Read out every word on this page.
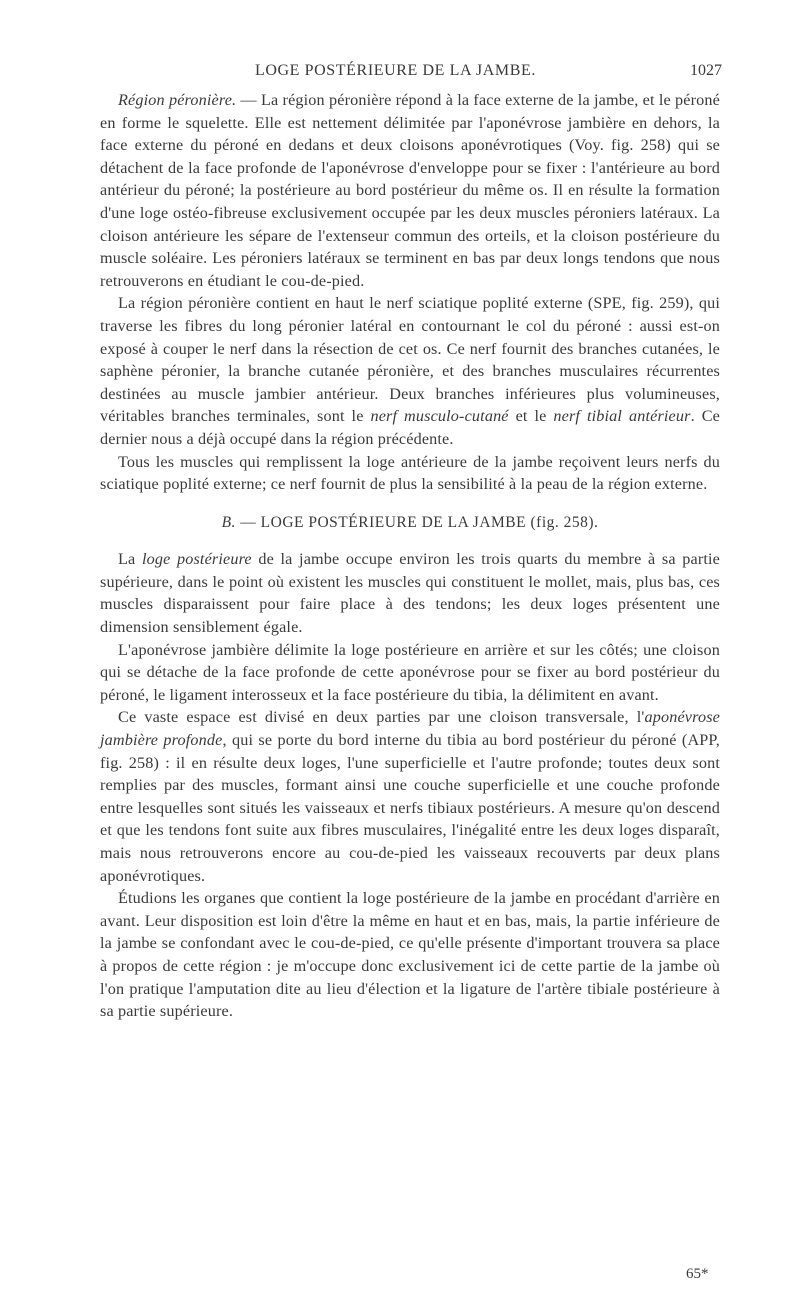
LOGE POSTÉRIEURE DE LA JAMBE.	1027

Région péronière. — La région péronière répond à la face externe de la jambe, et le péroné en forme le squelette. Elle est nettement délimitée par l'aponévrose jambière en dehors, la face externe du péroné en dedans et deux cloisons aponévrotiques (Voy. fig. 258) qui se détachent de la face profonde de l'aponévrose d'enveloppe pour se fixer : l'antérieure au bord antérieur du péroné; la postérieure au bord postérieur du même os. Il en résulte la formation d'une loge ostéo-fibreuse exclusivement occupée par les deux muscles péroniers latéraux. La cloison antérieure les sépare de l'extenseur commun des orteils, et la cloison postérieure du muscle soléaire. Les péroniers latéraux se terminent en bas par deux longs tendons que nous retrouverons en étudiant le cou-de-pied.

La région péronière contient en haut le nerf sciatique poplité externe (SPE, fig. 259), qui traverse les fibres du long péronier latéral en contournant le col du péroné : aussi est-on exposé à couper le nerf dans la résection de cet os. Ce nerf fournit des branches cutanées, le saphène péronier, la branche cutanée péronière, et des branches musculaires récurrentes destinées au muscle jambier antérieur. Deux branches inférieures plus volumineuses, véritables branches terminales, sont le nerf musculo-cutané et le nerf tibial antérieur. Ce dernier nous a déjà occupé dans la région précédente.

Tous les muscles qui remplissent la loge antérieure de la jambe reçoivent leurs nerfs du sciatique poplité externe; ce nerf fournit de plus la sensibilité à la peau de la région externe.

B. — LOGE POSTÉRIEURE DE LA JAMBE (fig. 258).

La loge postérieure de la jambe occupe environ les trois quarts du membre à sa partie supérieure, dans le point où existent les muscles qui constituent le mollet, mais, plus bas, ces muscles disparaissent pour faire place à des tendons; les deux loges présentent une dimension sensiblement égale.

L'aponévrose jambière délimite la loge postérieure en arrière et sur les côtés; une cloison qui se détache de la face profonde de cette aponévrose pour se fixer au bord postérieur du péroné, le ligament interosseux et la face postérieure du tibia, la délimitent en avant.

Ce vaste espace est divisé en deux parties par une cloison transversale, l'aponévrose jambière profonde, qui se porte du bord interne du tibia au bord postérieur du péroné (APP, fig. 258) : il en résulte deux loges, l'une superficielle et l'autre profonde; toutes deux sont remplies par des muscles, formant ainsi une couche superficielle et une couche profonde entre lesquelles sont situés les vaisseaux et nerfs tibiaux postérieurs. A mesure qu'on descend et que les tendons font suite aux fibres musculaires, l'inégalité entre les deux loges disparaît, mais nous retrouverons encore au cou-de-pied les vaisseaux recouverts par deux plans aponévrotiques.

Étudions les organes que contient la loge postérieure de la jambe en procédant d'arrière en avant. Leur disposition est loin d'être la même en haut et en bas, mais, la partie inférieure de la jambe se confondant avec le cou-de-pied, ce qu'elle présente d'important trouvera sa place à propos de cette région : je m'occupe donc exclusivement ici de cette partie de la jambe où l'on pratique l'amputation dite au lieu d'élection et la ligature de l'artère tibiale postérieure à sa partie supérieure.

65*
